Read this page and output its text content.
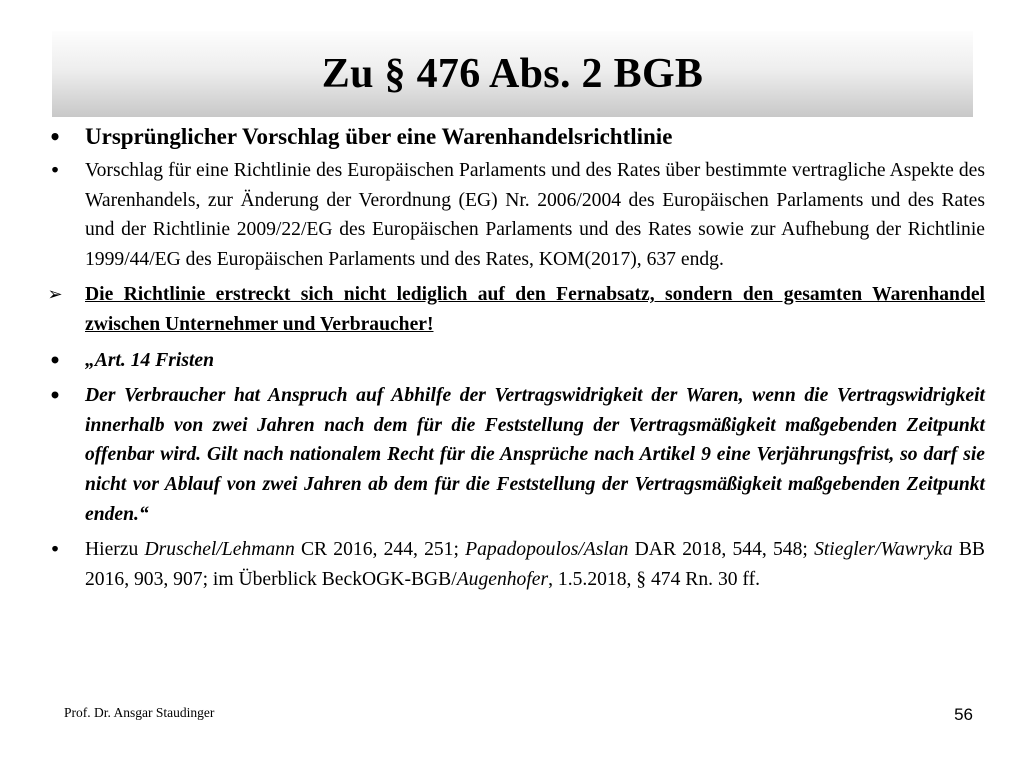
Zu § 476 Abs. 2 BGB
• Ursprünglicher Vorschlag über eine Warenhandelsrichtlinie
• Vorschlag für eine Richtlinie des Europäischen Parlaments und des Rates über bestimmte vertragliche Aspekte des Warenhandels, zur Änderung der Verordnung (EG) Nr. 2006/2004 des Europäischen Parlaments und des Rates und der Richtlinie 2009/22/EG des Europäischen Parlaments und des Rates sowie zur Aufhebung der Richtlinie 1999/44/EG des Europäischen Parlaments und des Rates, KOM(2017), 637 endg.
➢ Die Richtlinie erstreckt sich nicht lediglich auf den Fernabsatz, sondern den gesamten Warenhandel zwischen Unternehmer und Verbraucher!
• „Art. 14 Fristen
• Der Verbraucher hat Anspruch auf Abhilfe der Vertragswidrigkeit der Waren, wenn die Vertragswidrigkeit innerhalb von zwei Jahren nach dem für die Feststellung der Vertragsmäßigkeit maßgebenden Zeitpunkt offenbar wird. Gilt nach nationalem Recht für die Ansprüche nach Artikel 9 eine Verjährungsfrist, so darf sie nicht vor Ablauf von zwei Jahren ab dem für die Feststellung der Vertragsmäßigkeit maßgebenden Zeitpunkt enden.“
• Hierzu Druschel/Lehmann CR 2016, 244, 251; Papadopoulos/Aslan DAR 2018, 544, 548; Stiegler/Wawryka BB 2016, 903, 907; im Überblick BeckOGK-BGB/Augenhofer, 1.5.2018, § 474 Rn. 30 ff.
Prof. Dr. Ansgar Staudinger	56
